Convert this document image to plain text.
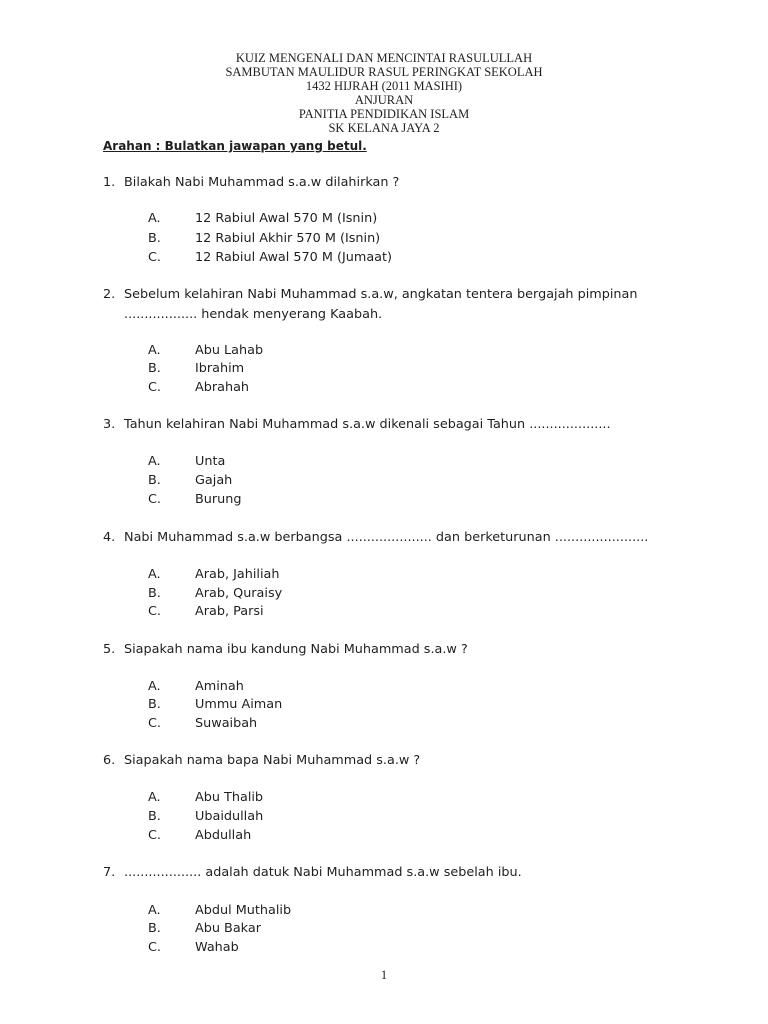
KUIZ MENGENALI DAN MENCINTAI RASULULLAH
SAMBUTAN MAULIDUR RASUL PERINGKAT SEKOLAH
1432 HIJRAH (2011 MASIHI)
ANJURAN
PANITIA PENDIDIKAN ISLAM
SK KELANA JAYA 2
Arahan : Bulatkan jawapan yang betul.
1. Bilakah Nabi Muhammad s.a.w dilahirkan ?
A.	12 Rabiul Awal 570 M (Isnin)
B.	12 Rabiul Akhir 570 M (Isnin)
C.	12 Rabiul Awal 570 M (Jumaat)
2. Sebelum kelahiran Nabi Muhammad s.a.w, angkatan tentera bergajah pimpinan
.................. hendak menyerang Kaabah.
A.	Abu Lahab
B.	Ibrahim
C.	Abrahah
3. Tahun kelahiran Nabi Muhammad s.a.w dikenali sebagai Tahun ....................
A.	Unta
B.	Gajah
C.	Burung
4. Nabi Muhammad s.a.w berbangsa ..................... dan berketurunan .......................
A.	Arab, Jahiliah
B.	Arab, Quraisy
C.	Arab, Parsi
5. Siapakah nama ibu kandung Nabi Muhammad s.a.w ?
A.	Aminah
B.	Ummu Aiman
C.	Suwaibah
6. Siapakah nama bapa Nabi Muhammad s.a.w ?
A.	Abu Thalib
B.	Ubaidullah
C.	Abdullah
7. ................... adalah datuk Nabi Muhammad s.a.w sebelah ibu.
A.	Abdul Muthalib
B.	Abu Bakar
C.	Wahab
1
